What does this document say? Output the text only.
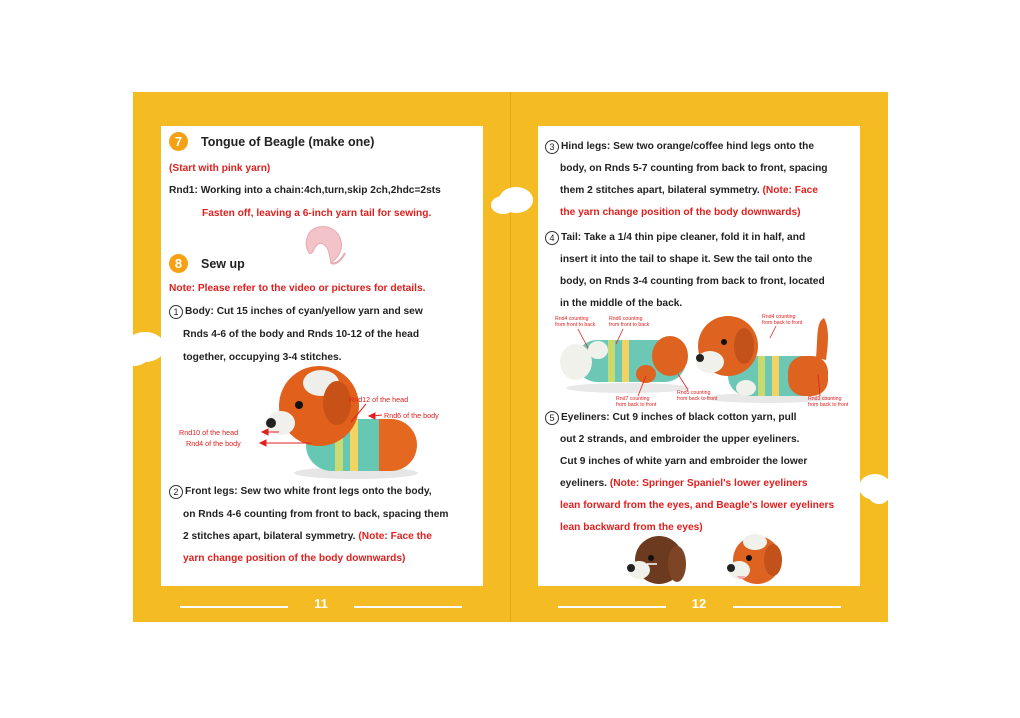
7	Tongue of Beagle (make one)
(Start with pink yarn)
Rnd1: Working into a chain:4ch,turn,skip 2ch,2hdc=2sts
Fasten off, leaving a 6-inch yarn tail for sewing.
8	Sew up
Note: Please refer to the video or pictures for details.
1 Body: Cut 15 inches of cyan/yellow yarn and sew
Rnds 4-6 of the body and Rnds 10-12 of the head
together, occupying 3-4 stitches.
Rnd12 of the head
Rnd6 of the body
Rnd10 of the head
Rnd4 of the body
2 Front legs: Sew two white front legs onto the body,
on Rnds 4-6 counting from front to back, spacing them
2 stitches apart, bilateral symmetry. (Note: Face the
yarn change position of the body downwards)
11
3 Hind legs: Sew two orange/coffee hind legs onto the
body, on Rnds 5-7 counting from back to front, spacing
them 2 stitches apart, bilateral symmetry. (Note: Face
the yarn change position of the body downwards)
4 Tail: Take a 1/4 thin pipe cleaner, fold it in half, and
insert it into the tail to shape it. Sew the tail onto the
body, on Rnds 3-4 counting from back to front, located
in the middle of the back.
Rnd4 counting
from front to back
Rnd6 counting
from front to back
Rnd7 counting
from back to front
Rnd5 counting
from back to front
Rnd4 counting
from back to front
Rnd3 counting
from back to front
5 Eyeliners: Cut 9 inches of black cotton yarn, pull
out 2 strands, and embroider the upper eyeliners.
Cut 9 inches of white yarn and embroider the lower
eyeliners. (Note: Springer Spaniel's lower eyeliners
lean forward from the eyes, and Beagle's lower eyeliners
lean backward from the eyes)
12
